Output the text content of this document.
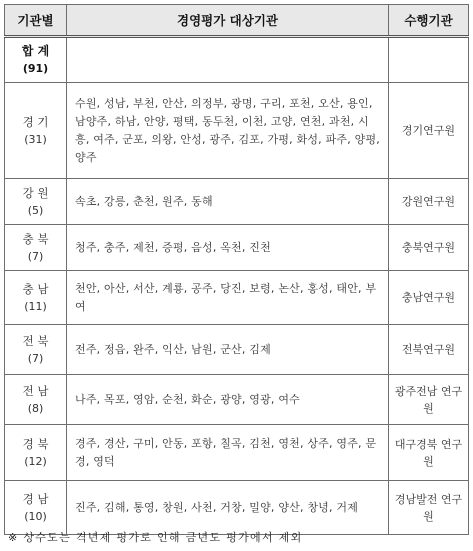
기관별	경영평가 대상기관	수행기관

합 계
(91)		

경 기
(31)	수원, 성남, 부천, 안산, 의정부, 광명, 구리, 포천, 오산, 용인, 남양주, 하남, 안양, 평택, 동두천, 이천, 고양, 연천, 과천, 시흥, 여주, 군포, 의왕, 안성, 광주, 김포, 가평, 화성, 파주, 양평, 양주	경기연구원

강 원
(5)	속초, 강릉, 춘천, 원주, 동해	강원연구원

충 북
(7)	청주, 충주, 제천, 증평, 음성, 옥천, 진천	충북연구원

충 남
(11)	천안, 아산, 서산, 계룡, 공주, 당진, 보령, 논산, 홍성, 태안, 부여	충남연구원

전 북
(7)	전주, 정읍, 완주, 익산, 남원, 군산, 김제	전북연구원

전 남
(8)	나주, 목포, 영암, 순천, 화순, 광양, 영광, 여수	광주전남 연구원

경 북
(12)	경주, 경산, 구미, 안동, 포항, 칠곡, 김천, 영천, 상주, 영주, 문경, 영덕	대구경북 연구원

경 남
(10)	진주, 김해, 통영, 창원, 사천, 거창, 밀양, 양산, 창녕, 거제	경남발전 연구원
※ 상수도는 격년제 평가로 인해 금년도 평가에서 제외
